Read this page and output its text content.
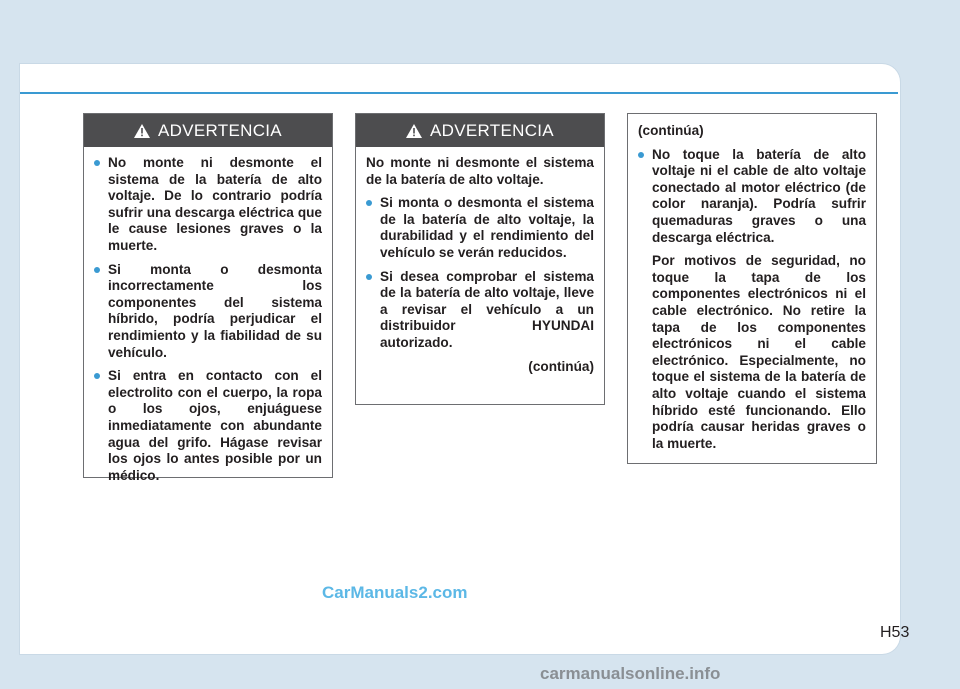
ADVERTENCIA
No monte ni desmonte el sistema de la batería de alto voltaje. De lo contrario podría sufrir una descarga eléctrica que le cause lesiones graves o la muerte.
Si monta o desmonta incorrectamente los componentes del sistema híbrido, podría perjudicar el rendimiento y la fiabilidad de su vehículo.
Si entra en contacto con el electrolito con el cuerpo, la ropa o los ojos, enjuáguese inmediatamente con abundante agua del grifo. Hágase revisar los ojos lo antes posible por un médico.
ADVERTENCIA

No monte ni desmonte el sistema de la batería de alto voltaje.

Si monta o desmonta el sistema de la batería de alto voltaje, la durabilidad y el rendimiento del vehículo se verán reducidos.
Si desea comprobar el sistema de la batería de alto voltaje, lleve a revisar el vehículo a un distribuidor HYUNDAI autorizado.

(continúa)

(continúa)

No toque la batería de alto voltaje ni el cable de alto voltaje conectado al motor eléctrico (de color naranja). Podría sufrir quemaduras graves o una descarga eléctrica.

Por motivos de seguridad, no toque la tapa de los componentes electrónicos ni el cable electrónico. No retire la tapa de los componentes electrónicos ni el cable electrónico. Especialmente, no toque el sistema de la batería de alto voltaje cuando el sistema híbrido esté funcionando. Ello podría causar heridas graves o la muerte.

CarManuals2.com
H53
carmanualsonline.info
